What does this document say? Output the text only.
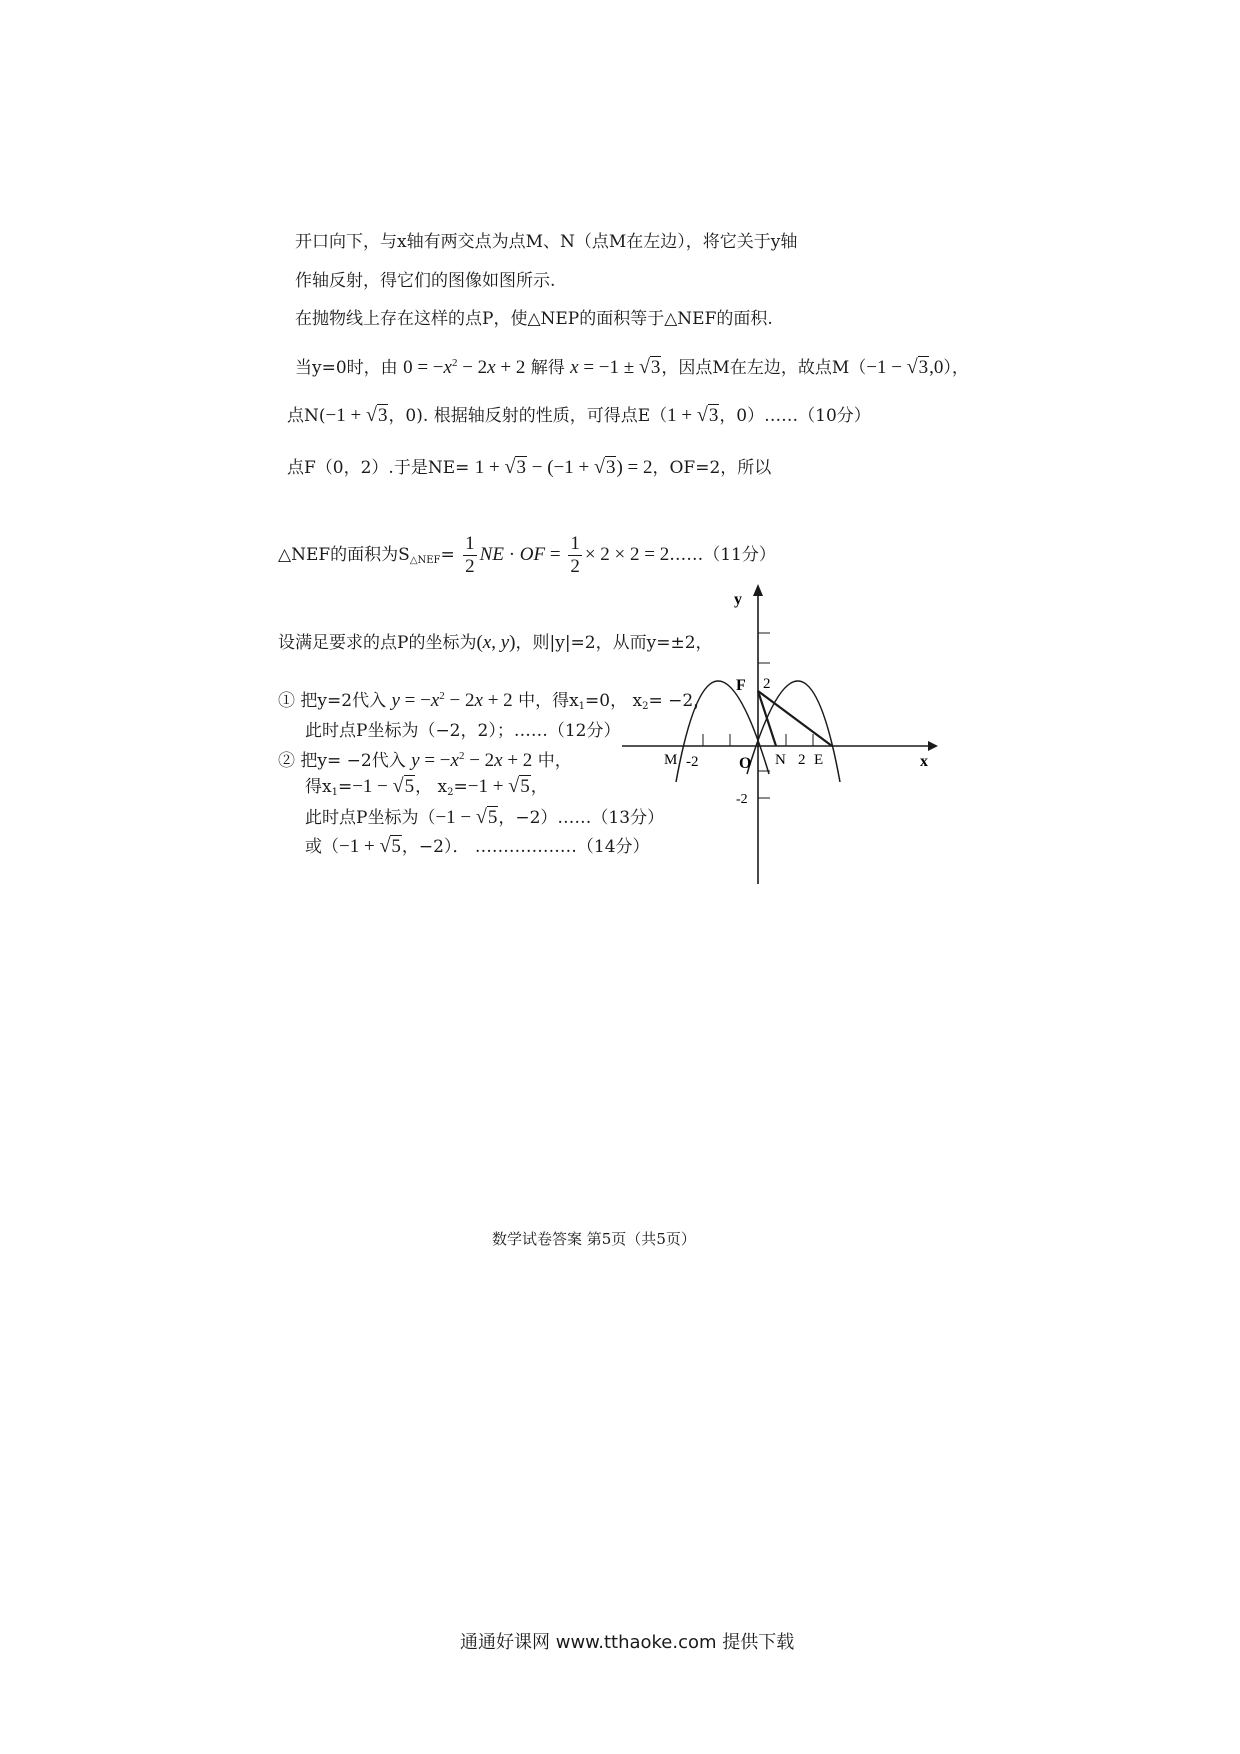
开口向下，与x轴有两交点为点M、N（点M在左边），将它关于y轴
作轴反射，得它们的图像如图所示.
在抛物线上存在这样的点P，使△NEP的面积等于△NEF的面积.
当y=0时，由 $0 = -x^2 - 2x + 2$ 解得 x = −1 ± √3，因点M在左边，故点M（−1 − √3,0），
点N(−1 + √3，0). 根据轴反射的性质，可得点E（1 + √3，0）……（10分）
点F（0，2）.于是NE= 1 + √3 − (−1 + √3) = 2，OF=2，所以
△NEF的面积为$S_{\triangle NEF}= \frac{1}{2}$ NE · OF = $\frac{1}{2} \times 2 \times 2$ = 2……（11分）
设满足要求的点P的坐标为(x, y)，则|y|=2，从而y=±2，
① 把y=2代入 $y = -x^2 - 2x + 2$ 中，得$x_1=0$， $x_2= -2$，
此时点P坐标为（−2，2）；……（12分）
② 把y= −2代入 $y = -x^2 - 2x + 2$ 中，
得$x_1=-1 - √5$， $x_2=-1 + √5$，
此时点P坐标为（−1 − √5，−2）……（13分）
或（−1 + √5，−2）． ………………（14分）
y
x
F 2
M -2	O N 2 E
-2
数学试卷答案 第5页（共5页）
通通好课网 www.tthaoke.com 提供下载
